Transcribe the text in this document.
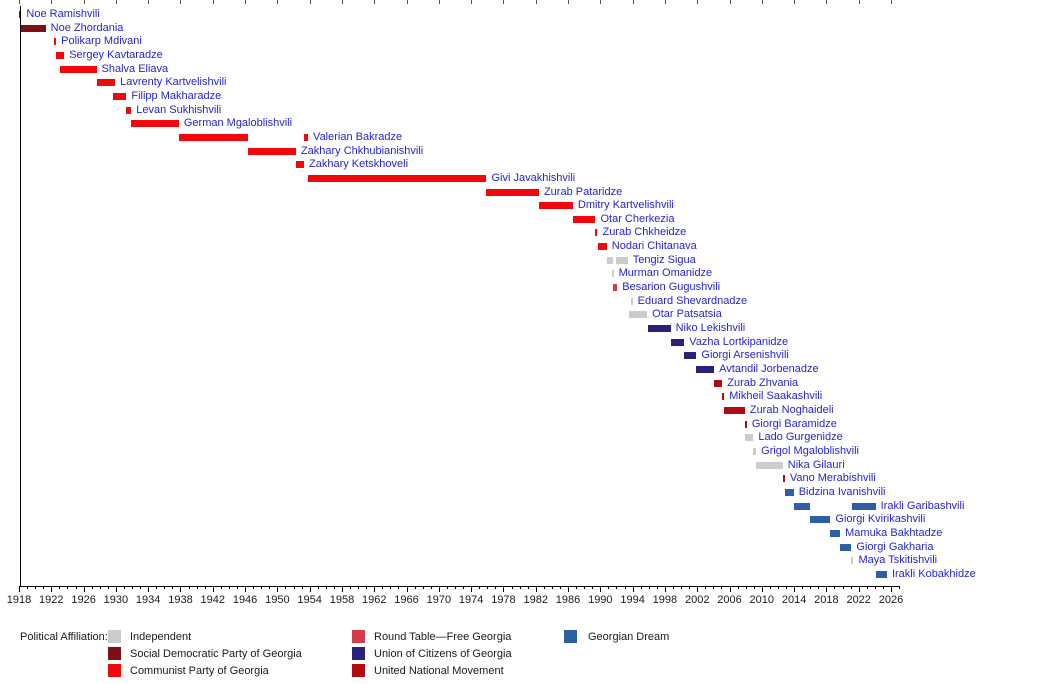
Noe Ramishvili
Noe Zhordania
Polikarp Mdivani
Sergey Kavtaradze
Shalva Eliava
Lavrenty Kartvelishvili
Filipp Makharadze
Levan Sukhishvili
German Mgaloblishvili
Valerian Bakradze
Zakhary Chkhubianishvili
Zakhary Ketskhoveli
Givi Javakhishvili
Zurab Pataridze
Dmitry Kartvelishvili
Otar Cherkezia
Zurab Chkheidze
Nodari Chitanava
Tengiz Sigua
Murman Omanidze
Besarion Gugushvili
Eduard Shevardnadze
Otar Patsatsia
Niko Lekishvili
Vazha Lortkipanidze
Giorgi Arsenishvili
Avtandil Jorbenadze
Zurab Zhvania
Mikheil Saakashvili
Zurab Noghaideli
Giorgi Baramidze
Lado Gurgenidze
Grigol Mgaloblishvili
Nika Gilauri
Vano Merabishvili
Bidzina Ivanishvili
Irakli Garibashvili
Giorgi Kvirikashvili
Mamuka Bakhtadze
Giorgi Gakharia
Maya Tskitishvili
Irakli Kobakhidze
1918 1922 1926 1930 1934 1938 1942 1946 1950 1954 1958 1962 1966 1970 1974 1978 1982 1986 1990 1994 1998 2002 2006 2010 2014 2018 2022 2026
Political Affiliation: Independent
Social Democratic Party of Georgia
Communist Party of Georgia
Round Table—Free Georgia
Union of Citizens of Georgia
United National Movement
Georgian Dream
